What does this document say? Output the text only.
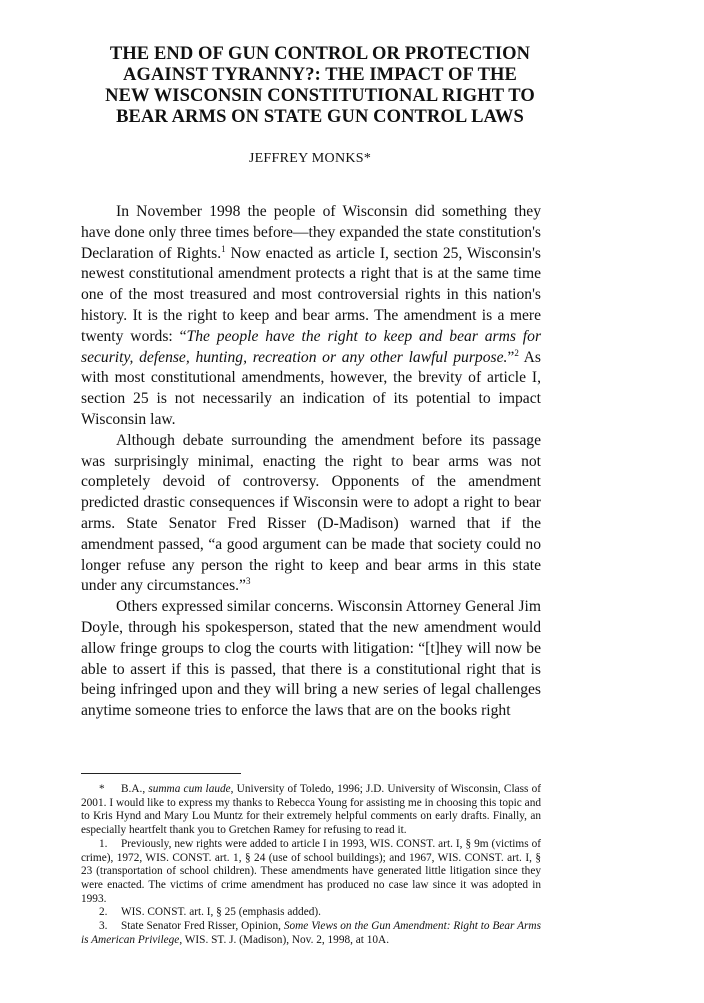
THE END OF GUN CONTROL OR PROTECTION
AGAINST TYRANNY?: THE IMPACT OF THE
NEW WISCONSIN CONSTITUTIONAL RIGHT TO
BEAR ARMS ON STATE GUN CONTROL LAWS
JEFFREY MONKS*

In November 1998 the people of Wisconsin did something they have done only three times before—they expanded the state constitution's Declaration of Rights.$^1$ Now enacted as article I, section 25, Wisconsin's newest constitutional amendment protects a right that is at the same time one of the most treasured and most controversial rights in this nation's history. It is the right to keep and bear arms. The amendment is a mere twenty words: “The people have the right to keep and bear arms for security, defense, hunting, recreation or any other lawful purpose.”$^2$ As with most constitutional amendments, however, the brevity of article I, section 25 is not necessarily an indication of its potential to impact Wisconsin law.

Although debate surrounding the amendment before its passage was surprisingly minimal, enacting the right to bear arms was not completely devoid of controversy. Opponents of the amendment predicted drastic consequences if Wisconsin were to adopt a right to bear arms. State Senator Fred Risser (D-Madison) warned that if the amendment passed, “a good argument can be made that society could no longer refuse any person the right to keep and bear arms in this state under any circumstances.”$^3$

Others expressed similar concerns. Wisconsin Attorney General Jim Doyle, through his spokesperson, stated that the new amendment would allow fringe groups to clog the courts with litigation: “[t]hey will now be able to assert if this is passed, that there is a constitutional right that is being infringed upon and they will bring a new series of legal challenges anytime someone tries to enforce the laws that are on the books right

* B.A., summa cum laude, University of Toledo, 1996; J.D. University of Wisconsin, Class of 2001. I would like to express my thanks to Rebecca Young for assisting me in choosing this topic and to Kris Hynd and Mary Lou Muntz for their extremely helpful comments on early drafts. Finally, an especially heartfelt thank you to Gretchen Ramey for refusing to read it.

1. Previously, new rights were added to article I in 1993, WIS. CONST. art. I, § 9m (victims of crime), 1972, WIS. CONST. art. 1, § 24 (use of school buildings); and 1967, WIS. CONST. art. I, § 23 (transportation of school children). These amendments have generated little litigation since they were enacted. The victims of crime amendment has produced no case law since it was adopted in 1993.

2. WIS. CONST. art. I, § 25 (emphasis added).

3. State Senator Fred Risser, Opinion, Some Views on the Gun Amendment: Right to Bear Arms is American Privilege, WIS. ST. J. (Madison), Nov. 2, 1998, at 10A.
